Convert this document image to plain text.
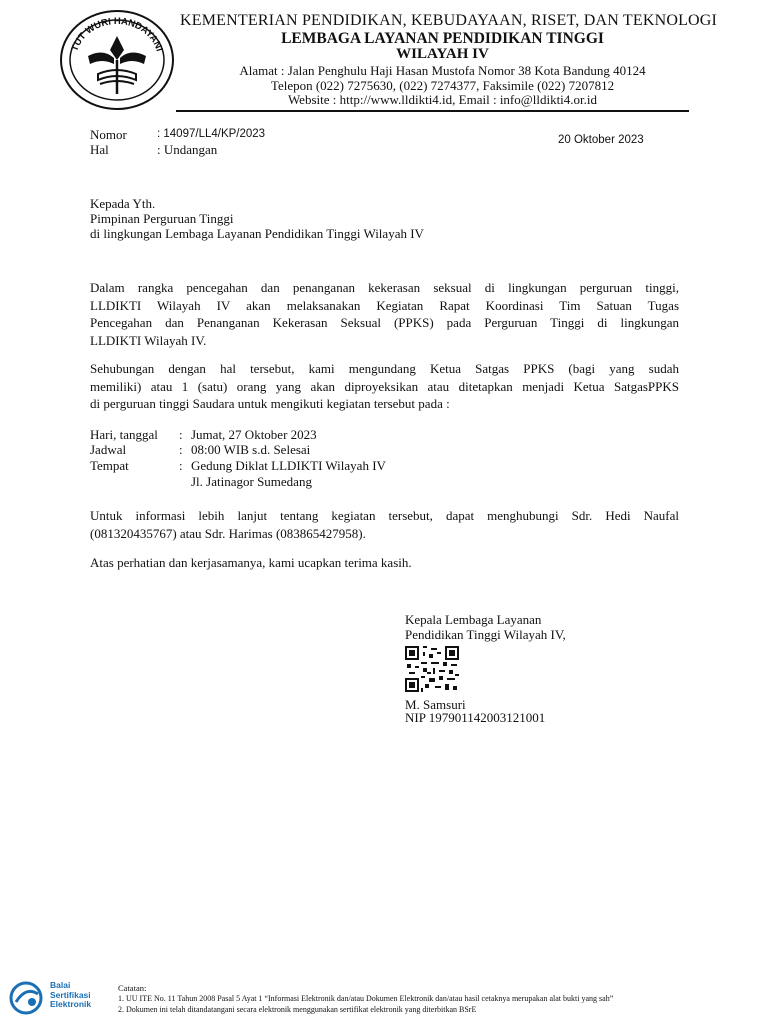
TUT WURI HANDAYANI
KEMENTERIAN PENDIDIKAN, KEBUDAYAAN, RISET, DAN TEKNOLOGI
LEMBAGA LAYANAN PENDIDIKAN TINGGI
WILAYAH IV
Alamat : Jalan Penghulu Haji Hasan Mustofa Nomor 38 Kota Bandung 40124
Telepon (022) 7275630, (022) 7274377, Faksimile (022) 7207812
Website : http://www.lldikti4.id, Email : info@lldikti4.or.id
Nomor	: 14097/LL4/KP/2023
Hal	: Undangan
20 Oktober 2023
Kepada Yth.
Pimpinan Perguruan Tinggi
di lingkungan Lembaga Layanan Pendidikan Tinggi Wilayah IV
Dalam rangka pencegahan dan penanganan kekerasan seksual di lingkungan perguruan tinggi,
LLDIKTI Wilayah IV akan melaksanakan Kegiatan Rapat Koordinasi Tim Satuan Tugas
Pencegahan dan Penanganan Kekerasan Seksual (PPKS) pada Perguruan Tinggi di lingkungan
LLDIKTI Wilayah IV.
Sehubungan dengan hal tersebut, kami mengundang Ketua Satgas PPKS (bagi yang sudah
memiliki) atau 1 (satu) orang yang akan diproyeksikan atau ditetapkan menjadi Ketua SatgasPPKS
di perguruan tinggi Saudara untuk mengikuti kegiatan tersebut pada :
Hari, tanggal : Jumat, 27 Oktober 2023
Jadwal	: 08:00 WIB s.d. Selesai
Tempat	: Gedung Diklat LLDIKTI Wilayah IV
Jl. Jatinagor Sumedang
Untuk informasi lebih lanjut tentang kegiatan tersebut, dapat menghubungi Sdr. Hedi Naufal
(081320435767) atau Sdr. Harimas (083865427958).
Atas perhatian dan kerjasamanya, kami ucapkan terima kasih.
Kepala Lembaga Layanan
Pendidikan Tinggi Wilayah IV,
M. Samsuri
NIP 197901142003121001
Balai
Sertifikasi
Elektronik
Catatan:
1. UU ITE No. 11 Tahun 2008 Pasal 5 Ayat 1 “Informasi Elektronik dan/atau Dokumen Elektronik dan/atau hasil cetaknya merupakan alat bukti yang sah”
2. Dokumen ini telah ditandatangani secara elektronik menggunakan sertifikat elektronik yang diterbitkan BSrE
